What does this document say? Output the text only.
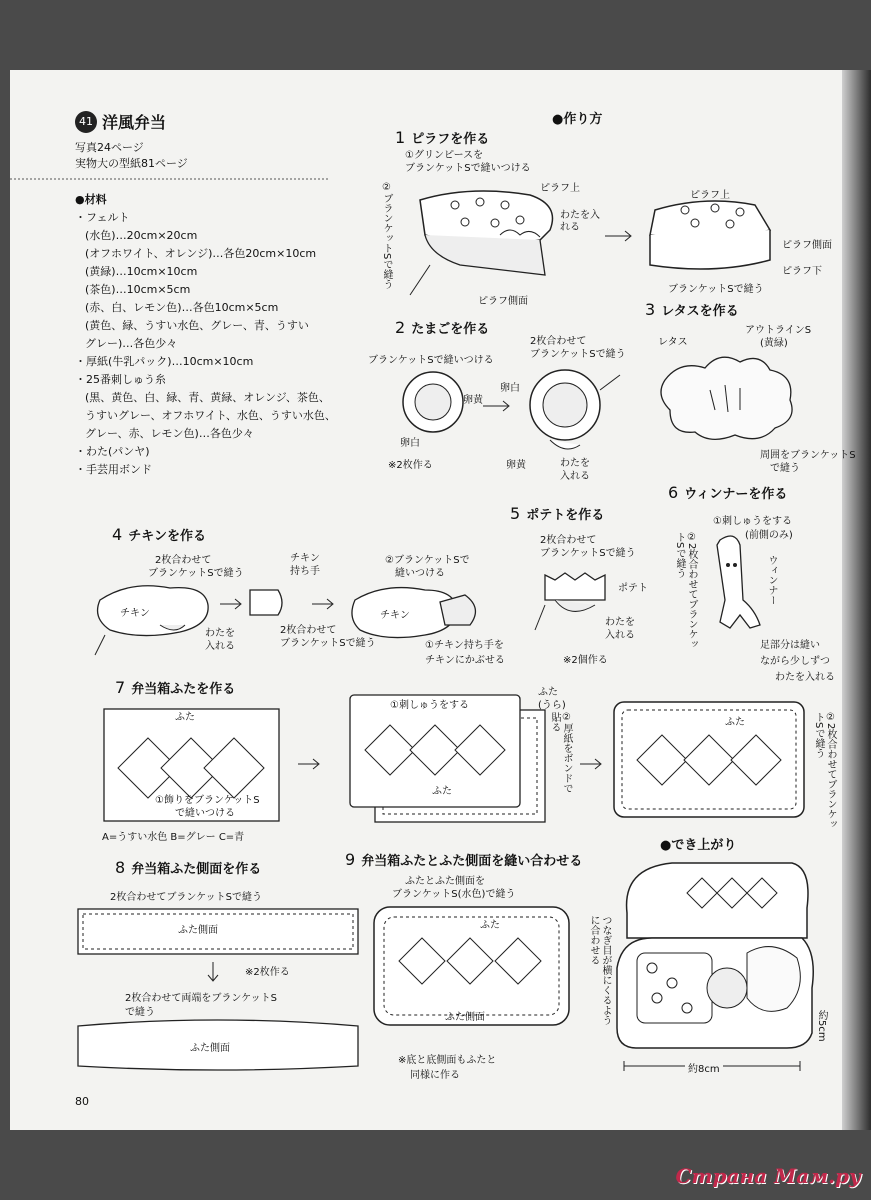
41 洋風弁当
写真24ページ
実物大の型紙81ページ
●材料
・フェルト
(水色)…20cm×20cm
(オフホワイト、オレンジ)…各色20cm×10cm
(黄緑)…10cm×10cm
(茶色)…10cm×5cm
(赤、白、レモン色)…各色10cm×5cm
(黄色、緑、うすい水色、グレー、青、うすい
グレー)…各色少々
・厚紙(牛乳パック)…10cm×10cm
・25番刺しゅう糸
(黒、黄色、白、緑、青、黄緑、オレンジ、茶色、
うすいグレー、オフホワイト、水色、うすい水色、
グレー、赤、レモン色)…各色少々
・わた(パンヤ)
・手芸用ボンド
●作り方
1 ピラフを作る
①グリンピースを
ブランケットSで縫いつける
②ブランケットSで縫う	ピラフ上
わたを入れる
ピラフ側面
ピラフ上
ピラフ側面
ピラフ下
ブランケットSで縫う
2 たまごを作る
ブランケットSで縫いつける
2枚合わせて
ブランケットSで縫う
卵黄
卵白
卵白
卵黄	わたを
入れる
※2枚作る
3 レタスを作る
レタス
アウトラインS
(黄緑)
周囲をブランケットS
で縫う
4 チキンを作る
2枚合わせて
ブランケットSで縫う
チキン
わたを
入れる
チキン
持ち手
2枚合わせて
ブランケットSで縫う
②ブランケットSで
縫いつける
チキン
①チキン持ち手を
チキンにかぶせる
5 ポテトを作る
2枚合わせて
ブランケットSで縫う
ポテト
わたを
入れる
※2個作る
6 ウィンナーを作る
①刺しゅうをする
(前側のみ)
②2枚合わせてブランケットSで縫う	ウィンナー
足部分は縫い
ながら少しずつ
わたを入れる
7 弁当箱ふたを作る
ふた
①飾りをブランケットS
で縫いつける
A=うすい水色 B=グレー C=青
①刺しゅうをする
ふた
(うら)
②厚紙をボンドで貼る
ふた
ふた	②2枚合わせてブランケットSで縫う
8 弁当箱ふた側面を作る
2枚合わせてブランケットSで縫う
ふた側面
※2枚作る
2枚合わせて両端をブランケットS
で縫う
ふた側面
9 弁当箱ふたとふた側面を縫い合わせる
ふたとふた側面を
ブランケットS(水色)で縫う
ふた
ふた側面	つなぎ目が横にくるように合わせる
※底と底側面もふたと
同様に作る
●でき上がり
約8cm
約5cm
80
Страна Мам.ру
